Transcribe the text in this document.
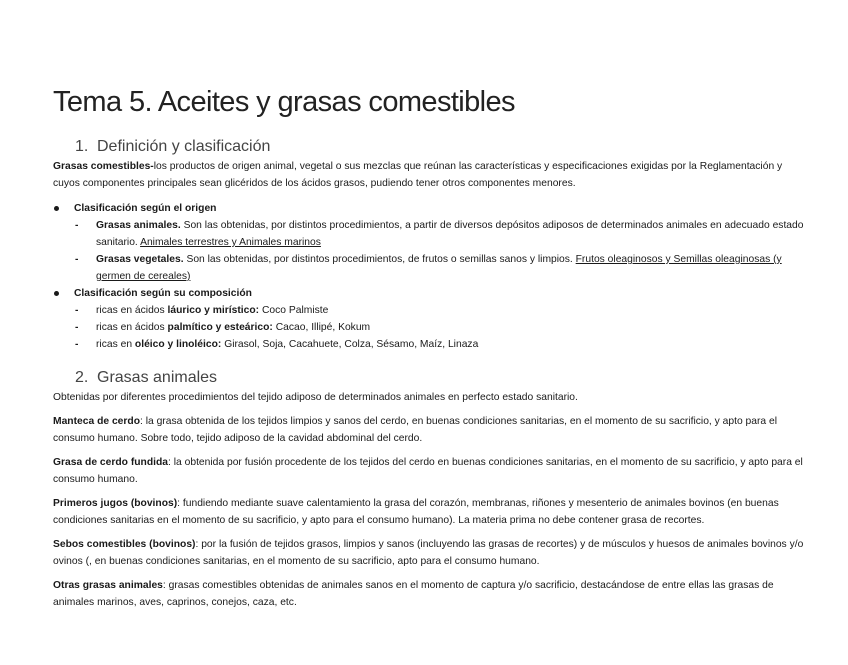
Tema 5. Aceites y grasas comestibles
1. Definición y clasificación

Grasas comestibles-los productos de origen animal, vegetal o sus mezclas que reúnan las características y especificaciones exigidas por la Reglamentación y cuyos componentes principales sean glicéridos de los ácidos grasos, pudiendo tener otros componentes menores.

Clasificación según el origen
- Grasas animales. Son las obtenidas, por distintos procedimientos, a partir de diversos depósitos adiposos de determinados animales en adecuado estado sanitario. Animales terrestres y Animales marinos
- Grasas vegetales. Son las obtenidas, por distintos procedimientos, de frutos o semillas sanos y limpios. Frutos oleaginosos y Semillas oleaginosas (y germen de cereales)
Clasificación según su composición
- ricas en ácidos láurico y mirístico: Coco Palmiste
- ricas en ácidos palmítico y esteárico: Cacao, Illipé, Kokum
- ricas en oléico y linoléico: Girasol, Soja, Cacahuete, Colza, Sésamo, Maíz, Linaza
2. Grasas animales

Obtenidas por diferentes procedimientos del tejido adiposo de determinados animales en perfecto estado sanitario.

Manteca de cerdo: la grasa obtenida de los tejidos limpios y sanos del cerdo, en buenas condiciones sanitarias, en el momento de su sacrificio, y apto para el consumo humano. Sobre todo, tejido adiposo de la cavidad abdominal del cerdo.

Grasa de cerdo fundida: la obtenida por fusión procedente de los tejidos del cerdo en buenas condiciones sanitarias, en el momento de su sacrificio, y apto para el consumo humano.

Primeros jugos (bovinos): fundiendo mediante suave calentamiento la grasa del corazón, membranas, riñones y mesenterio de animales bovinos (en buenas condiciones sanitarias en el momento de su sacrificio, y apto para el consumo humano). La materia prima no debe contener grasa de recortes.

Sebos comestibles (bovinos): por la fusión de tejidos grasos, limpios y sanos (incluyendo las grasas de recortes) y de músculos y huesos de animales bovinos y/o ovinos (, en buenas condiciones sanitarias, en el momento de su sacrificio, apto para el consumo humano.

Otras grasas animales: grasas comestibles obtenidas de animales sanos en el momento de captura y/o sacrificio, destacándose de entre ellas las grasas de animales marinos, aves, caprinos, conejos, caza, etc.
